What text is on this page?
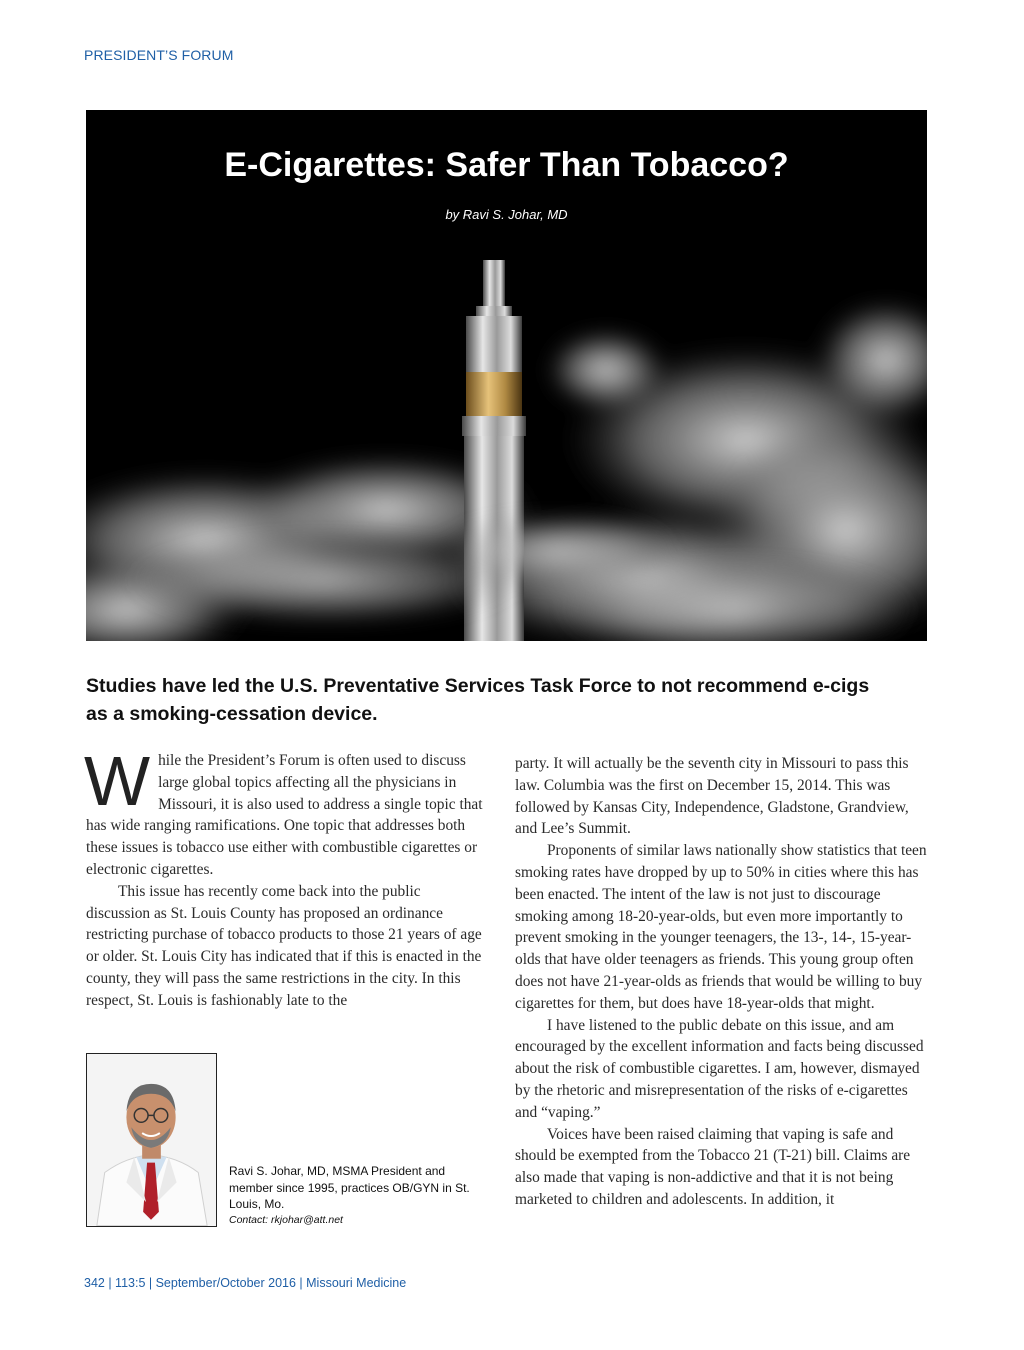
PRESIDENT’S FORUM
E-Cigarettes: Safer Than Tobacco?
by Ravi S. Johar, MD
Studies have led the U.S. Preventative Services Task Force to not recommend e-cigs as a smoking-cessation device.

While the President’s Forum is often used to discuss large global topics affecting all the physicians in Missouri, it is also used to address a single topic that has wide ranging ramifications. One topic that addresses both these issues is tobacco use either with combustible cigarettes or electronic cigarettes.

This issue has recently come back into the public discussion as St. Louis County has proposed an ordinance restricting purchase of tobacco products to those 21 years of age or older. St. Louis City has indicated that if this is enacted in the county, they will pass the same restrictions in the city. In this respect, St. Louis is fashionably late to the

party. It will actually be the seventh city in Missouri to pass this law. Columbia was the first on December 15, 2014. This was followed by Kansas City, Independence, Gladstone, Grandview, and Lee’s Summit.

Proponents of similar laws nationally show statistics that teen smoking rates have dropped by up to 50% in cities where this has been enacted. The intent of the law is not just to discourage smoking among 18-20-year-olds, but even more importantly to prevent smoking in the younger teenagers, the 13-, 14-, 15-year-olds that have older teenagers as friends. This young group often does not have 21-year-olds as friends that would be willing to buy cigarettes for them, but does have 18-year-olds that might.

I have listened to the public debate on this issue, and am encouraged by the excellent information and facts being discussed about the risk of combustible cigarettes. I am, however, dismayed by the rhetoric and misrepresentation of the risks of e-cigarettes and “vaping.”

Voices have been raised claiming that vaping is safe and should be exempted from the Tobacco 21 (T-21) bill. Claims are also made that vaping is non-addictive and that it is not being marketed to children and adolescents. In addition, it

Ravi S. Johar, MD, MSMA President and member since 1995, practices OB/GYN in St. Louis, Mo.
Contact: rkjohar@att.net
342 | 113:5 | September/October 2016 | Missouri Medicine
